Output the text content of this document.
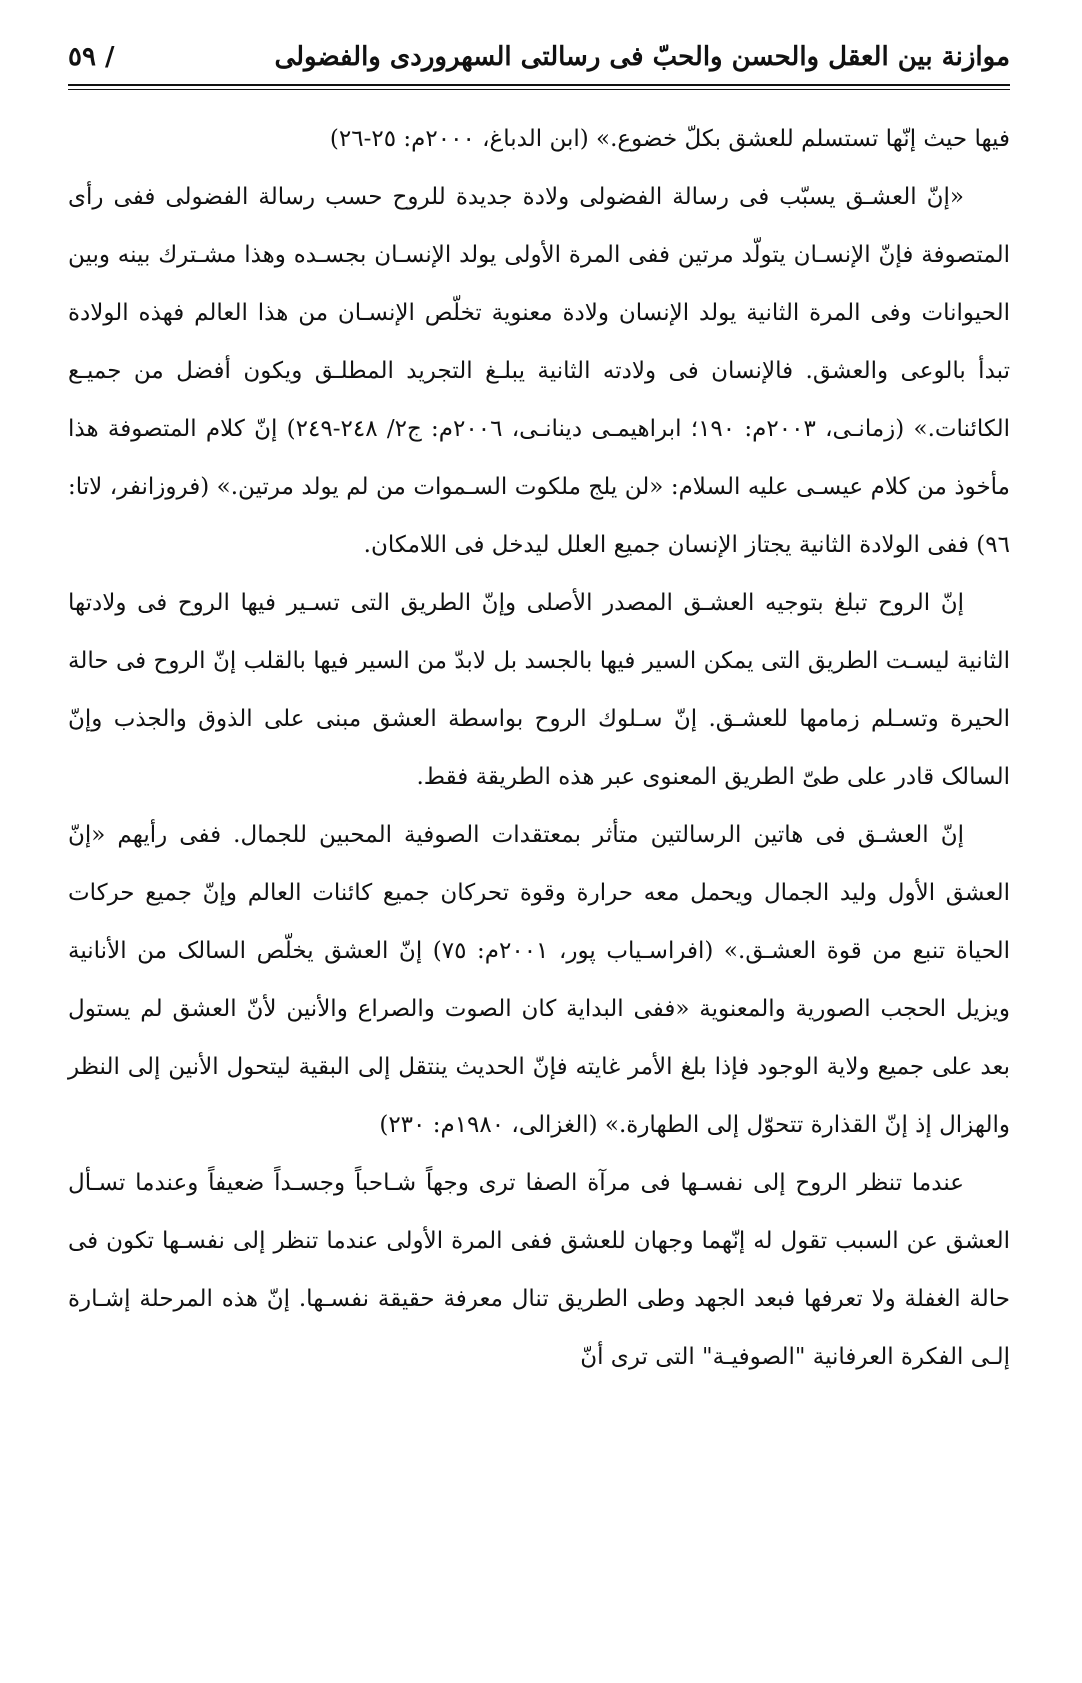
موازنة بين العقل والحسن والحبّ فى رسالتى السهروردى والفضولى
/ ٥٩

فيها حيث إنّها تستسلم للعشق بكلّ خضوع.» (ابن الدباغ، ٢٠٠٠م: ٢٥-٢٦)

«إنّ العشـق يسبّب فى رسالة الفضولى ولادة جديدة للروح حسب رسالة الفضولى ففى رأى المتصوفة فإنّ الإنسـان يتولّد مرتين ففى المرة الأولى يولد الإنسـان بجسـده وهذا مشـترك بينه وبين الحيوانات وفى المرة الثانية يولد الإنسان ولادة معنوية تخلّص الإنسـان من هذا العالم فهذه الولادة تبدأ بالوعى والعشق. فالإنسان فى ولادته الثانية يبلـغ التجريد المطلـق ويكون أفضل من جميـع الكائنات.» (زمانـى، ٢٠٠٣م: ١٩٠؛ ابراهيمـى دينانـى، ٢٠٠٦م: ج٢/ ٢٤٨-٢٤٩) إنّ كلام المتصوفة هذا مأخوذ من كلام عيسـى عليه السلام: «لن يلج ملكوت السـموات من لم يولد مرتين.» (فروزانفر، لاتا: ٩٦) ففى الولادة الثانية يجتاز الإنسان جميع العلل ليدخل فى اللامكان.

إنّ الروح تبلغ بتوجيه العشـق المصدر الأصلى وإنّ الطريق التى تسـير فيها الروح فى ولادتها الثانية ليسـت الطريق التى يمكن السير فيها بالجسد بل لابدّ من السير فيها بالقلب إنّ الروح فى حالة الحيرة وتسـلم زمامها للعشـق. إنّ سـلوك الروح بواسطة العشق مبنى على الذوق والجذب وإنّ السالک قادر على طىّ الطريق المعنوى عبر هذه الطريقة فقط.

إنّ العشـق فى هاتين الرسالتين متأثر بمعتقدات الصوفية المحبين للجمال. ففى رأيهم «إنّ العشق الأول وليد الجمال ويحمل معه حرارة وقوة تحركان جميع كائنات العالم وإنّ جميع حركات الحياة تنبع من قوة العشـق.» (افراسـياب پور، ٢٠٠١م: ٧٥) إنّ العشق يخلّص السالک من الأنانية ويزيل الحجب الصورية والمعنوية «ففى البداية كان الصوت والصراع والأنين لأنّ العشق لم يستول بعد على جميع ولاية الوجود فإذا بلغ الأمر غايته فإنّ الحديث ينتقل إلى البقية ليتحول الأنين إلى النظر والهزال إذ إنّ القذارة تتحوّل إلى الطهارة.» (الغزالى، ١٩٨٠م: ٢٣٠)

عندما تنظر الروح إلى نفسـها فى مرآة الصفا ترى وجهاً شـاحباً وجسـداً ضعيفاً وعندما تسـأل العشق عن السبب تقول له إنّهما وجهان للعشق ففى المرة الأولى عندما تنظر إلى نفسـها تكون فى حالة الغفلة ولا تعرفها فبعد الجهد وطى الطريق تنال معرفة حقيقة نفسـها. إنّ هذه المرحلة إشـارة إلـى الفكرة العرفانية "الصوفيـة" التى ترى أنّ
